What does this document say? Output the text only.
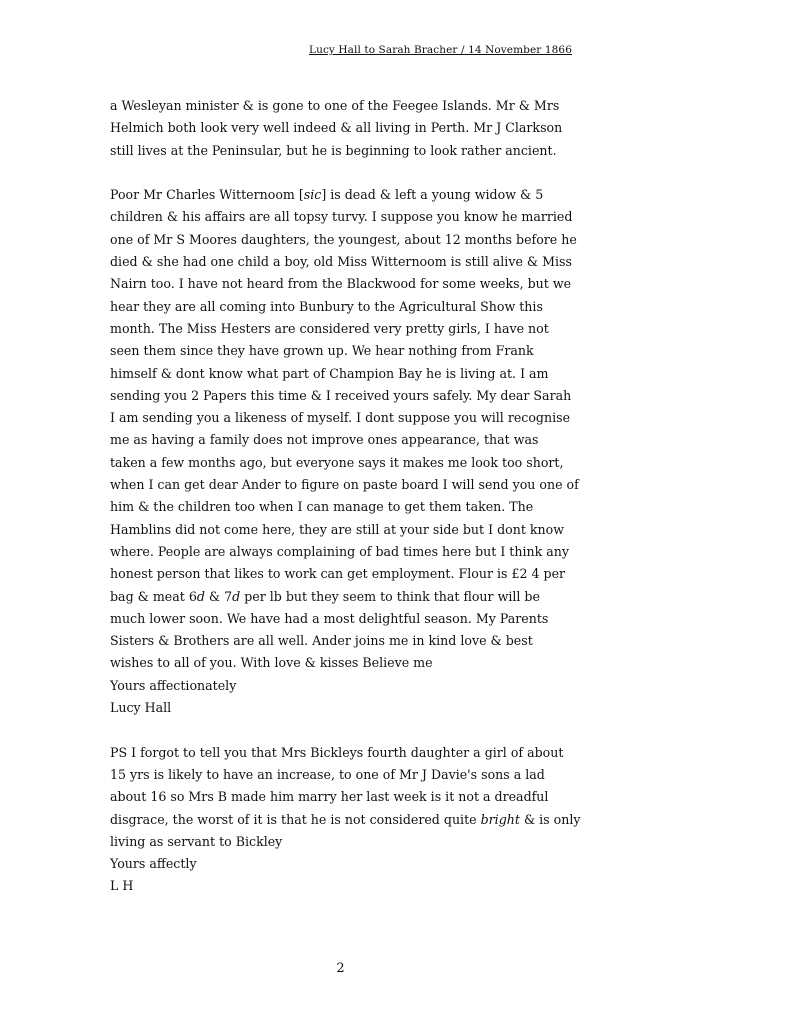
Lucy Hall to Sarah Bracher / 14 November 1866

a Wesleyan minister & is gone to one of the Feegee Islands. Mr & Mrs
Helmich both look very well indeed & all living in Perth. Mr J Clarkson
still lives at the Peninsular, but he is beginning to look rather ancient.

Poor Mr Charles Witternoom [sic] is dead & left a young widow & 5
children & his affairs are all topsy turvy. I suppose you know he married
one of Mr S Moores daughters, the youngest, about 12 months before he
died & she had one child a boy, old Miss Witternoom is still alive & Miss
Nairn too. I have not heard from the Blackwood for some weeks, but we
hear they are all coming into Bunbury to the Agricultural Show this
month. The Miss Hesters are considered very pretty girls, I have not
seen them since they have grown up. We hear nothing from Frank
himself & dont know what part of Champion Bay he is living at. I am
sending you 2 Papers this time & I received yours safely. My dear Sarah
I am sending you a likeness of myself. I dont suppose you will recognise
me as having a family does not improve ones appearance, that was
taken a few months ago, but everyone says it makes me look too short,
when I can get dear Ander to figure on paste board I will send you one of
him & the children too when I can manage to get them taken. The
Hamblins did not come here, they are still at your side but I dont know
where. People are always complaining of bad times here but I think any
honest person that likes to work can get employment. Flour is £2 4 per
bag & meat 6d & 7d per lb but they seem to think that flour will be
much lower soon. We have had a most delightful season. My Parents
Sisters & Brothers are all well. Ander joins me in kind love & best
wishes to all of you. With love & kisses Believe me
Yours affectionately
Lucy Hall
PS I forgot to tell you that Mrs Bickleys fourth daughter a girl of about
15 yrs is likely to have an increase, to one of Mr J Davie's sons a lad
about 16 so Mrs B made him marry her last week is it not a dreadful
disgrace, the worst of it is that he is not considered quite bright & is only
living as servant to Bickley
Yours affectly
L H
2
